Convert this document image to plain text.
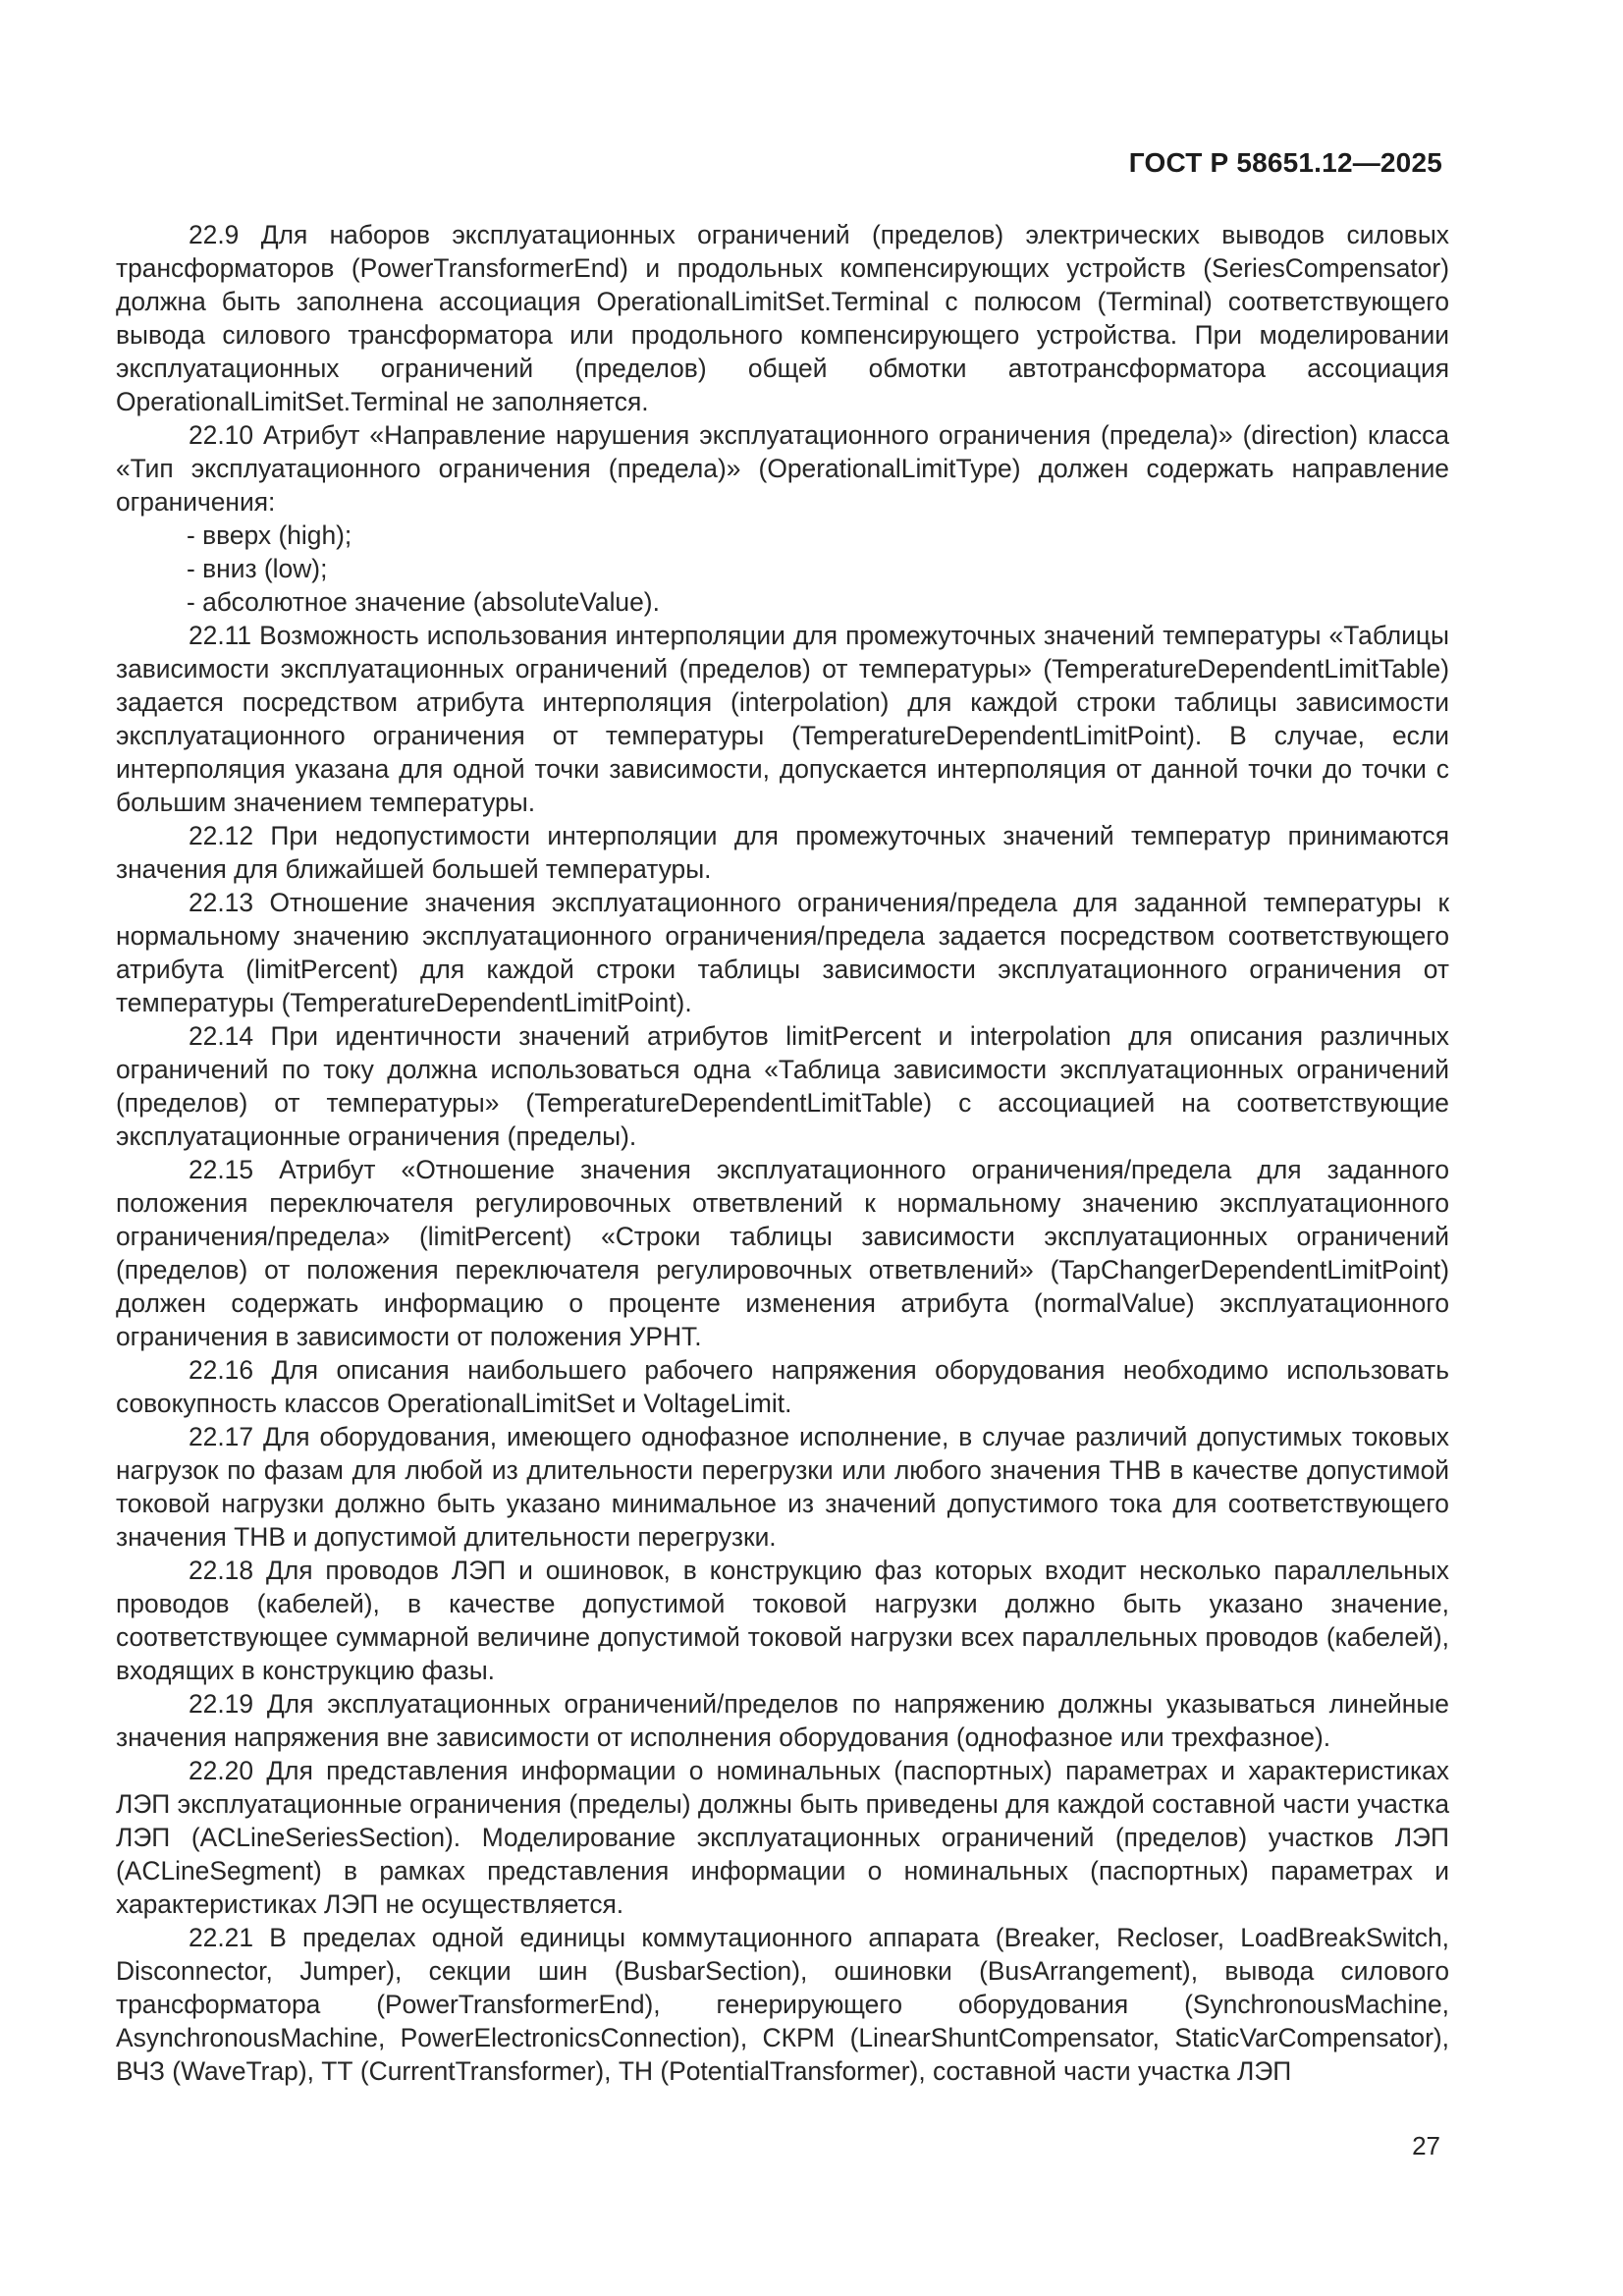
ГОСТ Р 58651.12—2025

22.9 Для наборов эксплуатационных ограничений (пределов) электрических выводов силовых трансформаторов (PowerTransformerEnd) и продольных компенсирующих устройств (SeriesCompensator) должна быть заполнена ассоциация OperationalLimitSet.Terminal с полюсом (Terminal) соответствующего вывода силового трансформатора или продольного компенсирующего устройства. При моделировании эксплуатационных ограничений (пределов) общей обмотки автотрансформатора ассоциация OperationalLimitSet.Terminal не заполняется.

22.10 Атрибут «Направление нарушения эксплуатационного ограничения (предела)» (direction) класса «Тип эксплуатационного ограничения (предела)» (OperationalLimitType) должен содержать направление ограничения:

- вверх (high);

- вниз (low);

- абсолютное значение (absoluteValue).

22.11 Возможность использования интерполяции для промежуточных значений температуры «Таблицы зависимости эксплуатационных ограничений (пределов) от температуры» (TemperatureDependentLimitTable) задается посредством атрибута интерполяция (interpolation) для каждой строки таблицы зависимости эксплуатационного ограничения от температуры (TemperatureDependentLimitPoint). В случае, если интерполяция указана для одной точки зависимости, допускается интерполяция от данной точки до точки с большим значением температуры.

22.12 При недопустимости интерполяции для промежуточных значений температур принимаются значения для ближайшей большей температуры.

22.13 Отношение значения эксплуатационного ограничения/предела для заданной температуры к нормальному значению эксплуатационного ограничения/предела задается посредством соответствующего атрибута (limitPercent) для каждой строки таблицы зависимости эксплуатационного ограничения от температуры (TemperatureDependentLimitPoint).

22.14 При идентичности значений атрибутов limitPercent и interpolation для описания различных ограничений по току должна использоваться одна «Таблица зависимости эксплуатационных ограничений (пределов) от температуры» (TemperatureDependentLimitTable) с ассоциацией на соответствующие эксплуатационные ограничения (пределы).

22.15 Атрибут «Отношение значения эксплуатационного ограничения/предела для заданного положения переключателя регулировочных ответвлений к нормальному значению эксплуатационного ограничения/предела» (limitPercent) «Строки таблицы зависимости эксплуатационных ограничений (пределов) от положения переключателя регулировочных ответвлений» (TapChangerDependentLimitPoint) должен содержать информацию о проценте изменения атрибута (normalValue) эксплуатационного ограничения в зависимости от положения УРНТ.

22.16 Для описания наибольшего рабочего напряжения оборудования необходимо использовать совокупность классов OperationalLimitSet и VoltageLimit.

22.17 Для оборудования, имеющего однофазное исполнение, в случае различий допустимых токовых нагрузок по фазам для любой из длительности перегрузки или любого значения ТНВ в качестве допустимой токовой нагрузки должно быть указано минимальное из значений допустимого тока для соответствующего значения ТНВ и допустимой длительности перегрузки.

22.18 Для проводов ЛЭП и ошиновок, в конструкцию фаз которых входит несколько параллельных проводов (кабелей), в качестве допустимой токовой нагрузки должно быть указано значение, соответствующее суммарной величине допустимой токовой нагрузки всех параллельных проводов (кабелей), входящих в конструкцию фазы.

22.19 Для эксплуатационных ограничений/пределов по напряжению должны указываться линейные значения напряжения вне зависимости от исполнения оборудования (однофазное или трехфазное).

22.20 Для представления информации о номинальных (паспортных) параметрах и характеристиках ЛЭП эксплуатационные ограничения (пределы) должны быть приведены для каждой составной части участка ЛЭП (ACLineSeriesSection). Моделирование эксплуатационных ограничений (пределов) участков ЛЭП (ACLineSegment) в рамках представления информации о номинальных (паспортных) параметрах и характеристиках ЛЭП не осуществляется.

22.21 В пределах одной единицы коммутационного аппарата (Breaker, Recloser, LoadBreakSwitch, Disconnector, Jumper), секции шин (BusbarSection), ошиновки (BusArrangement), вывода силового трансформатора (PowerTransformerEnd), генерирующего оборудования (SynchronousMachine, AsynchronousMachine, PowerElectronicsConnection), СКРМ (LinearShuntCompensator, StaticVarCompensator), ВЧЗ (WaveTrap), ТТ (CurrentTransformer), ТН (PotentialTransformer), составной части участка ЛЭП

27
